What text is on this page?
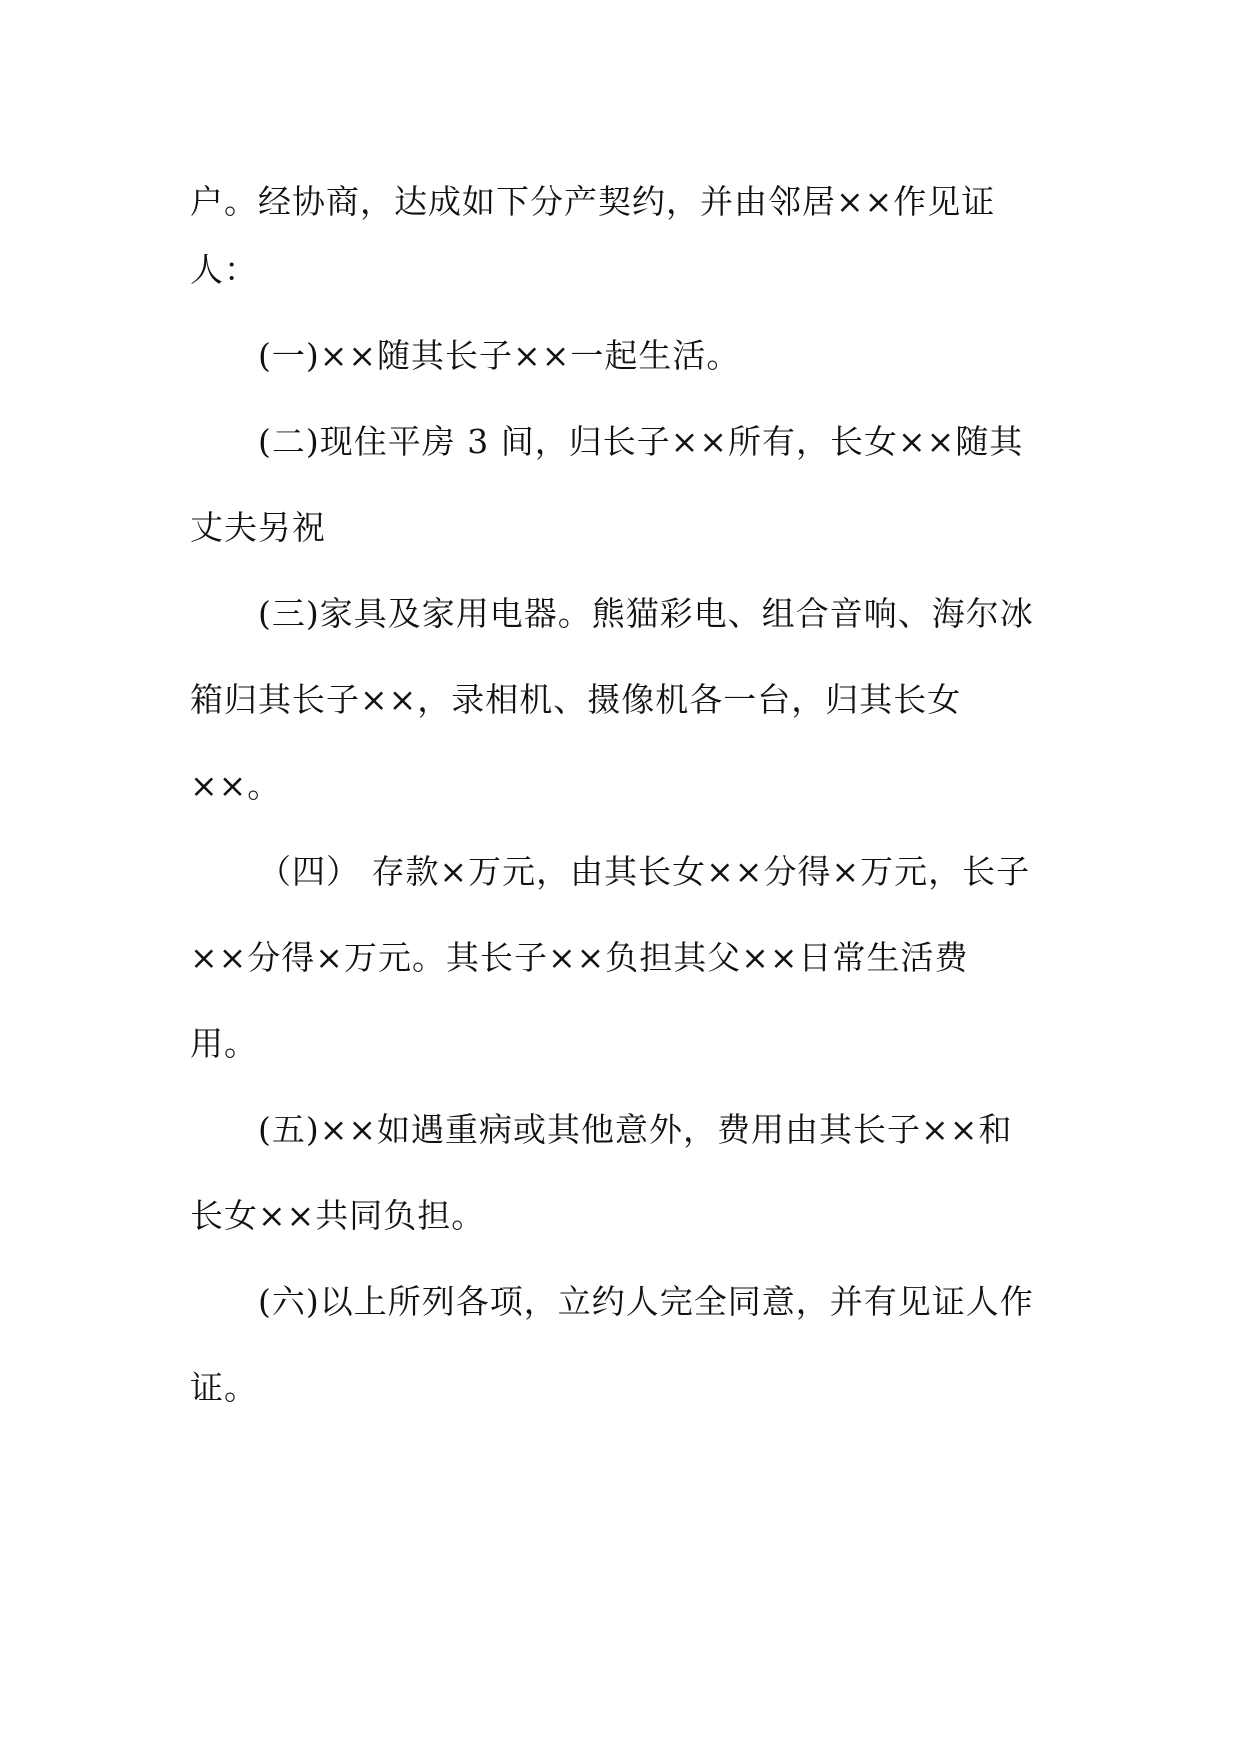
户。经协商，达成如下分产契约，并由邻居××作见证
人：
(一)××随其长子××一起生活。
(二)现住平房 3 间，归长子××所有，长女××随其
丈夫另祝
(三)家具及家用电器。熊猫彩电、组合音响、海尔冰
箱归其长子××，录相机、摄像机各一台，归其长女
××。
（四） 存款×万元，由其长女××分得×万元，长子
××分得×万元。其长子××负担其父××日常生活费
用。
(五)××如遇重病或其他意外，费用由其长子××和
长女××共同负担。
(六)以上所列各项，立约人完全同意，并有见证人作
证。
